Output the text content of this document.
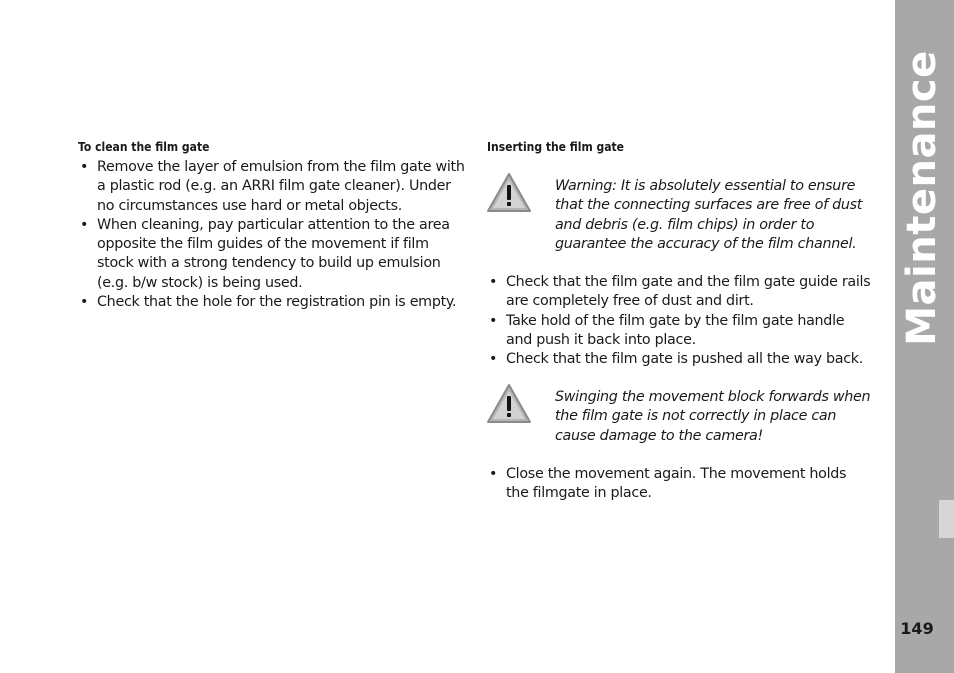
Maintenance
149
To clean the film gate
• Remove the layer of emulsion from the film gate with a plastic rod (e.g. an ARRI film gate cleaner). Under no circumstances use hard or metal objects.
• When cleaning, pay particular attention to the area opposite the film guides of the movement if film stock with a strong tendency to build up emulsion (e.g. b/w stock) is being used.
• Check that the hole for the registration pin is empty.
Inserting the film gate

Warning: It is absolutely essential to ensure that the connecting surfaces are free of dust and debris (e.g. film chips) in order to guarantee the accuracy of the film channel.

• Check that the film gate and the film gate guide rails are completely free of dust and dirt.
• Take hold of the film gate by the film gate handle and push it back into place.
• Check that the film gate is pushed all the way back.

Swinging the movement block forwards when the film gate is not correctly in place can cause damage to the camera!

• Close the movement again. The movement holds the filmgate in place.
